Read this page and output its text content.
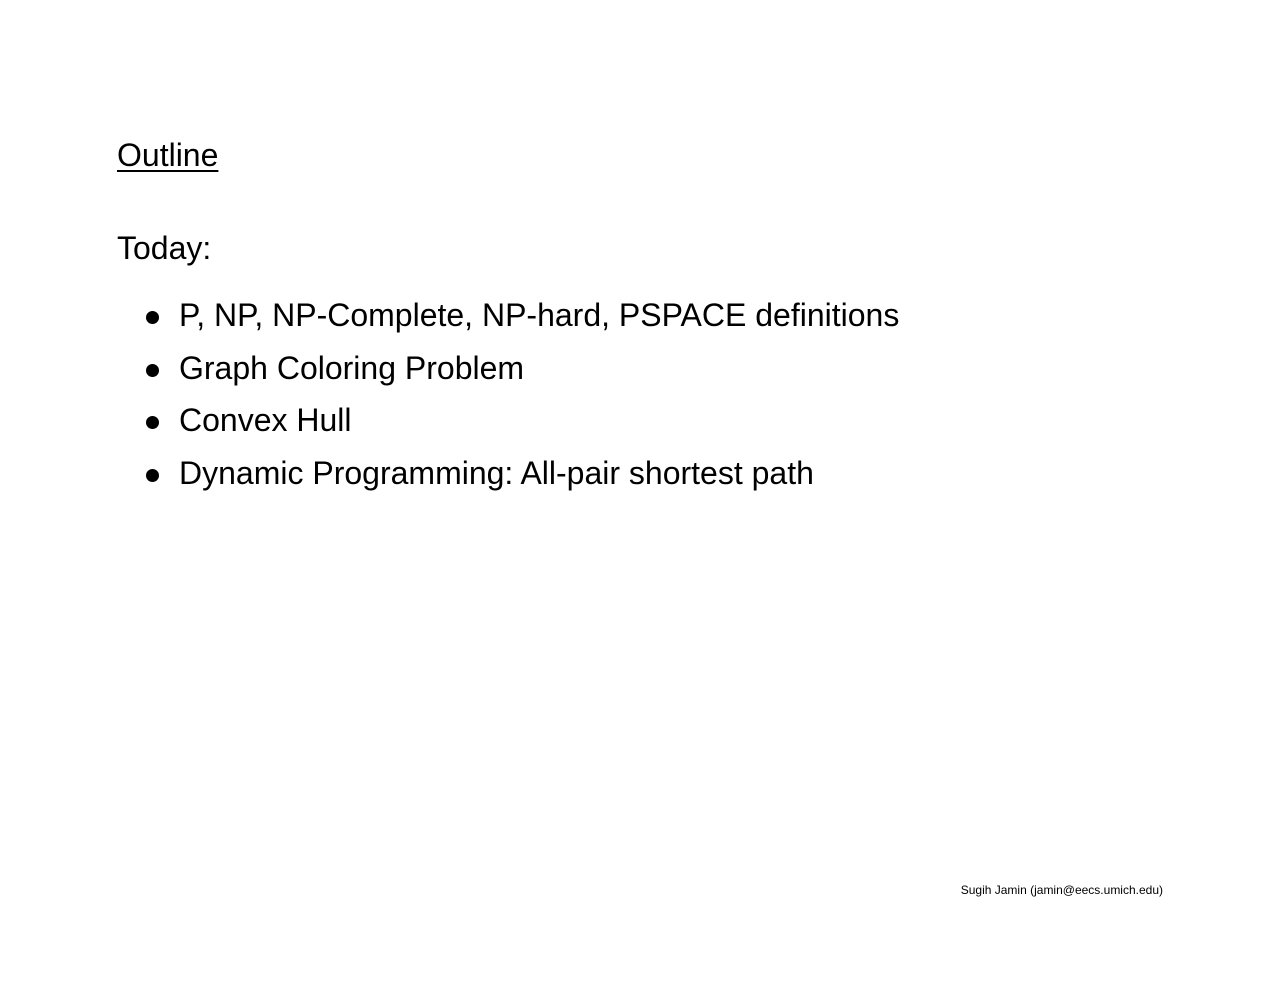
Outline

Today:

P, NP, NP-Complete, NP-hard, PSPACE definitions
Graph Coloring Problem
Convex Hull
Dynamic Programming: All-pair shortest path
Sugih Jamin (jamin@eecs.umich.edu)
